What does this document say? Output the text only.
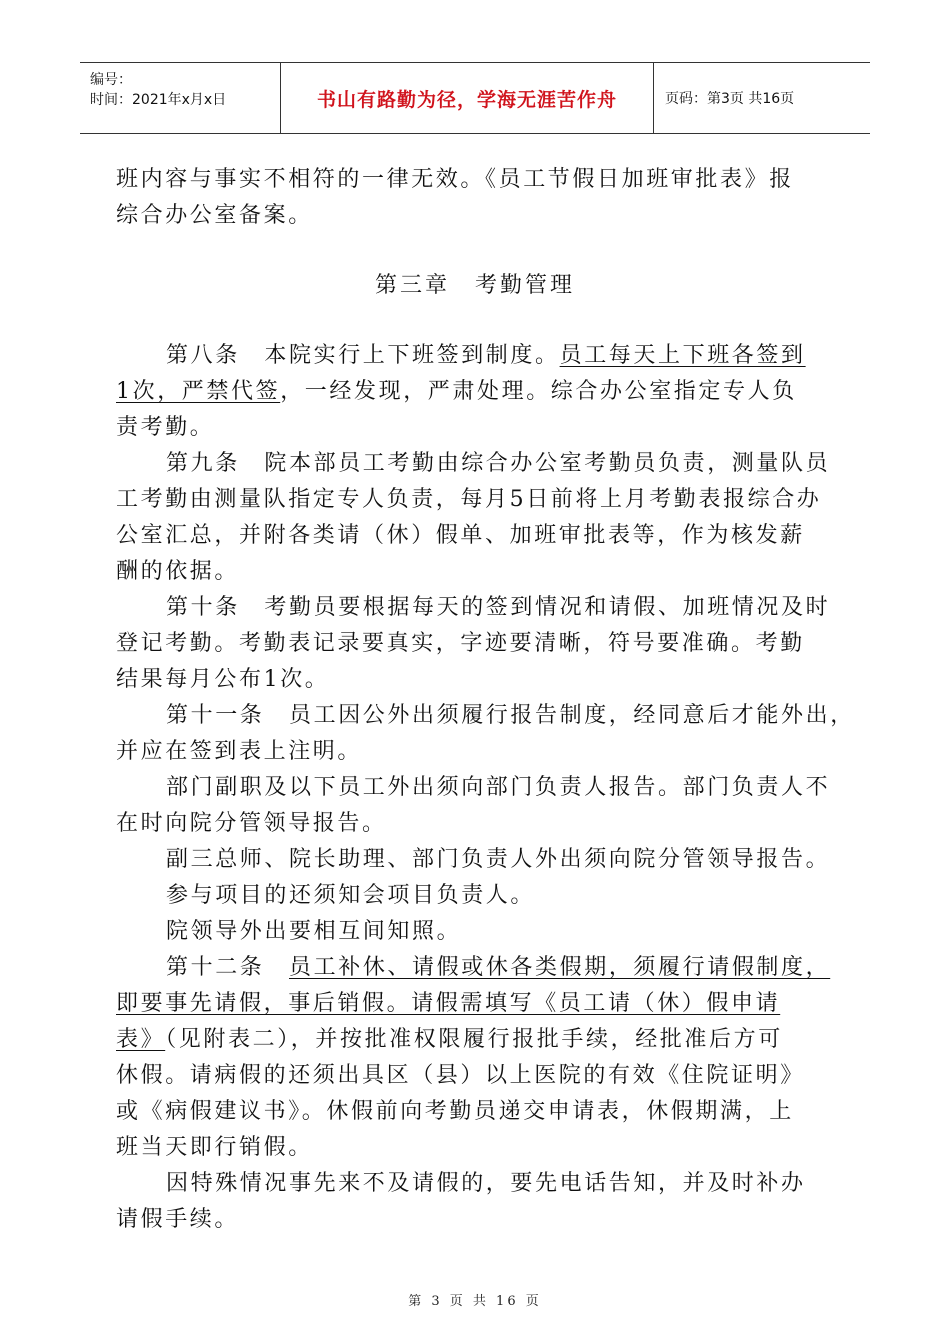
编号：
时间：2021年x月x日	书山有路勤为径，学海无涯苦作舟	页码：第3页 共16页
班内容与事实不相符的一律无效。《员工节假日加班审批表》报
综合办公室备案。
第三章　考勤管理
第八条　本院实行上下班签到制度。员工每天上下班各签到
1次，严禁代签，一经发现，严肃处理。综合办公室指定专人负
责考勤。
第九条　院本部员工考勤由综合办公室考勤员负责，测量队员
工考勤由测量队指定专人负责，每月5日前将上月考勤表报综合办
公室汇总，并附各类请（休）假单、加班审批表等，作为核发薪
酬的依据。
第十条　考勤员要根据每天的签到情况和请假、加班情况及时
登记考勤。考勤表记录要真实，字迹要清晰，符号要准确。考勤
结果每月公布1次。
第十一条　员工因公外出须履行报告制度，经同意后才能外出，
并应在签到表上注明。
部门副职及以下员工外出须向部门负责人报告。部门负责人不
在时向院分管领导报告。
副三总师、院长助理、部门负责人外出须向院分管领导报告。
参与项目的还须知会项目负责人。
院领导外出要相互间知照。
第十二条　员工补休、请假或休各类假期，须履行请假制度，
即要事先请假，事后销假。请假需填写《员工请（休）假申请
表》（见附表二），并按批准权限履行报批手续，经批准后方可
休假。请病假的还须出具区（县）以上医院的有效《住院证明》
或《病假建议书》。休假前向考勤员递交申请表，休假期满，上
班当天即行销假。
因特殊情况事先来不及请假的，要先电话告知，并及时补办
请假手续。
第 3 页 共 16 页
